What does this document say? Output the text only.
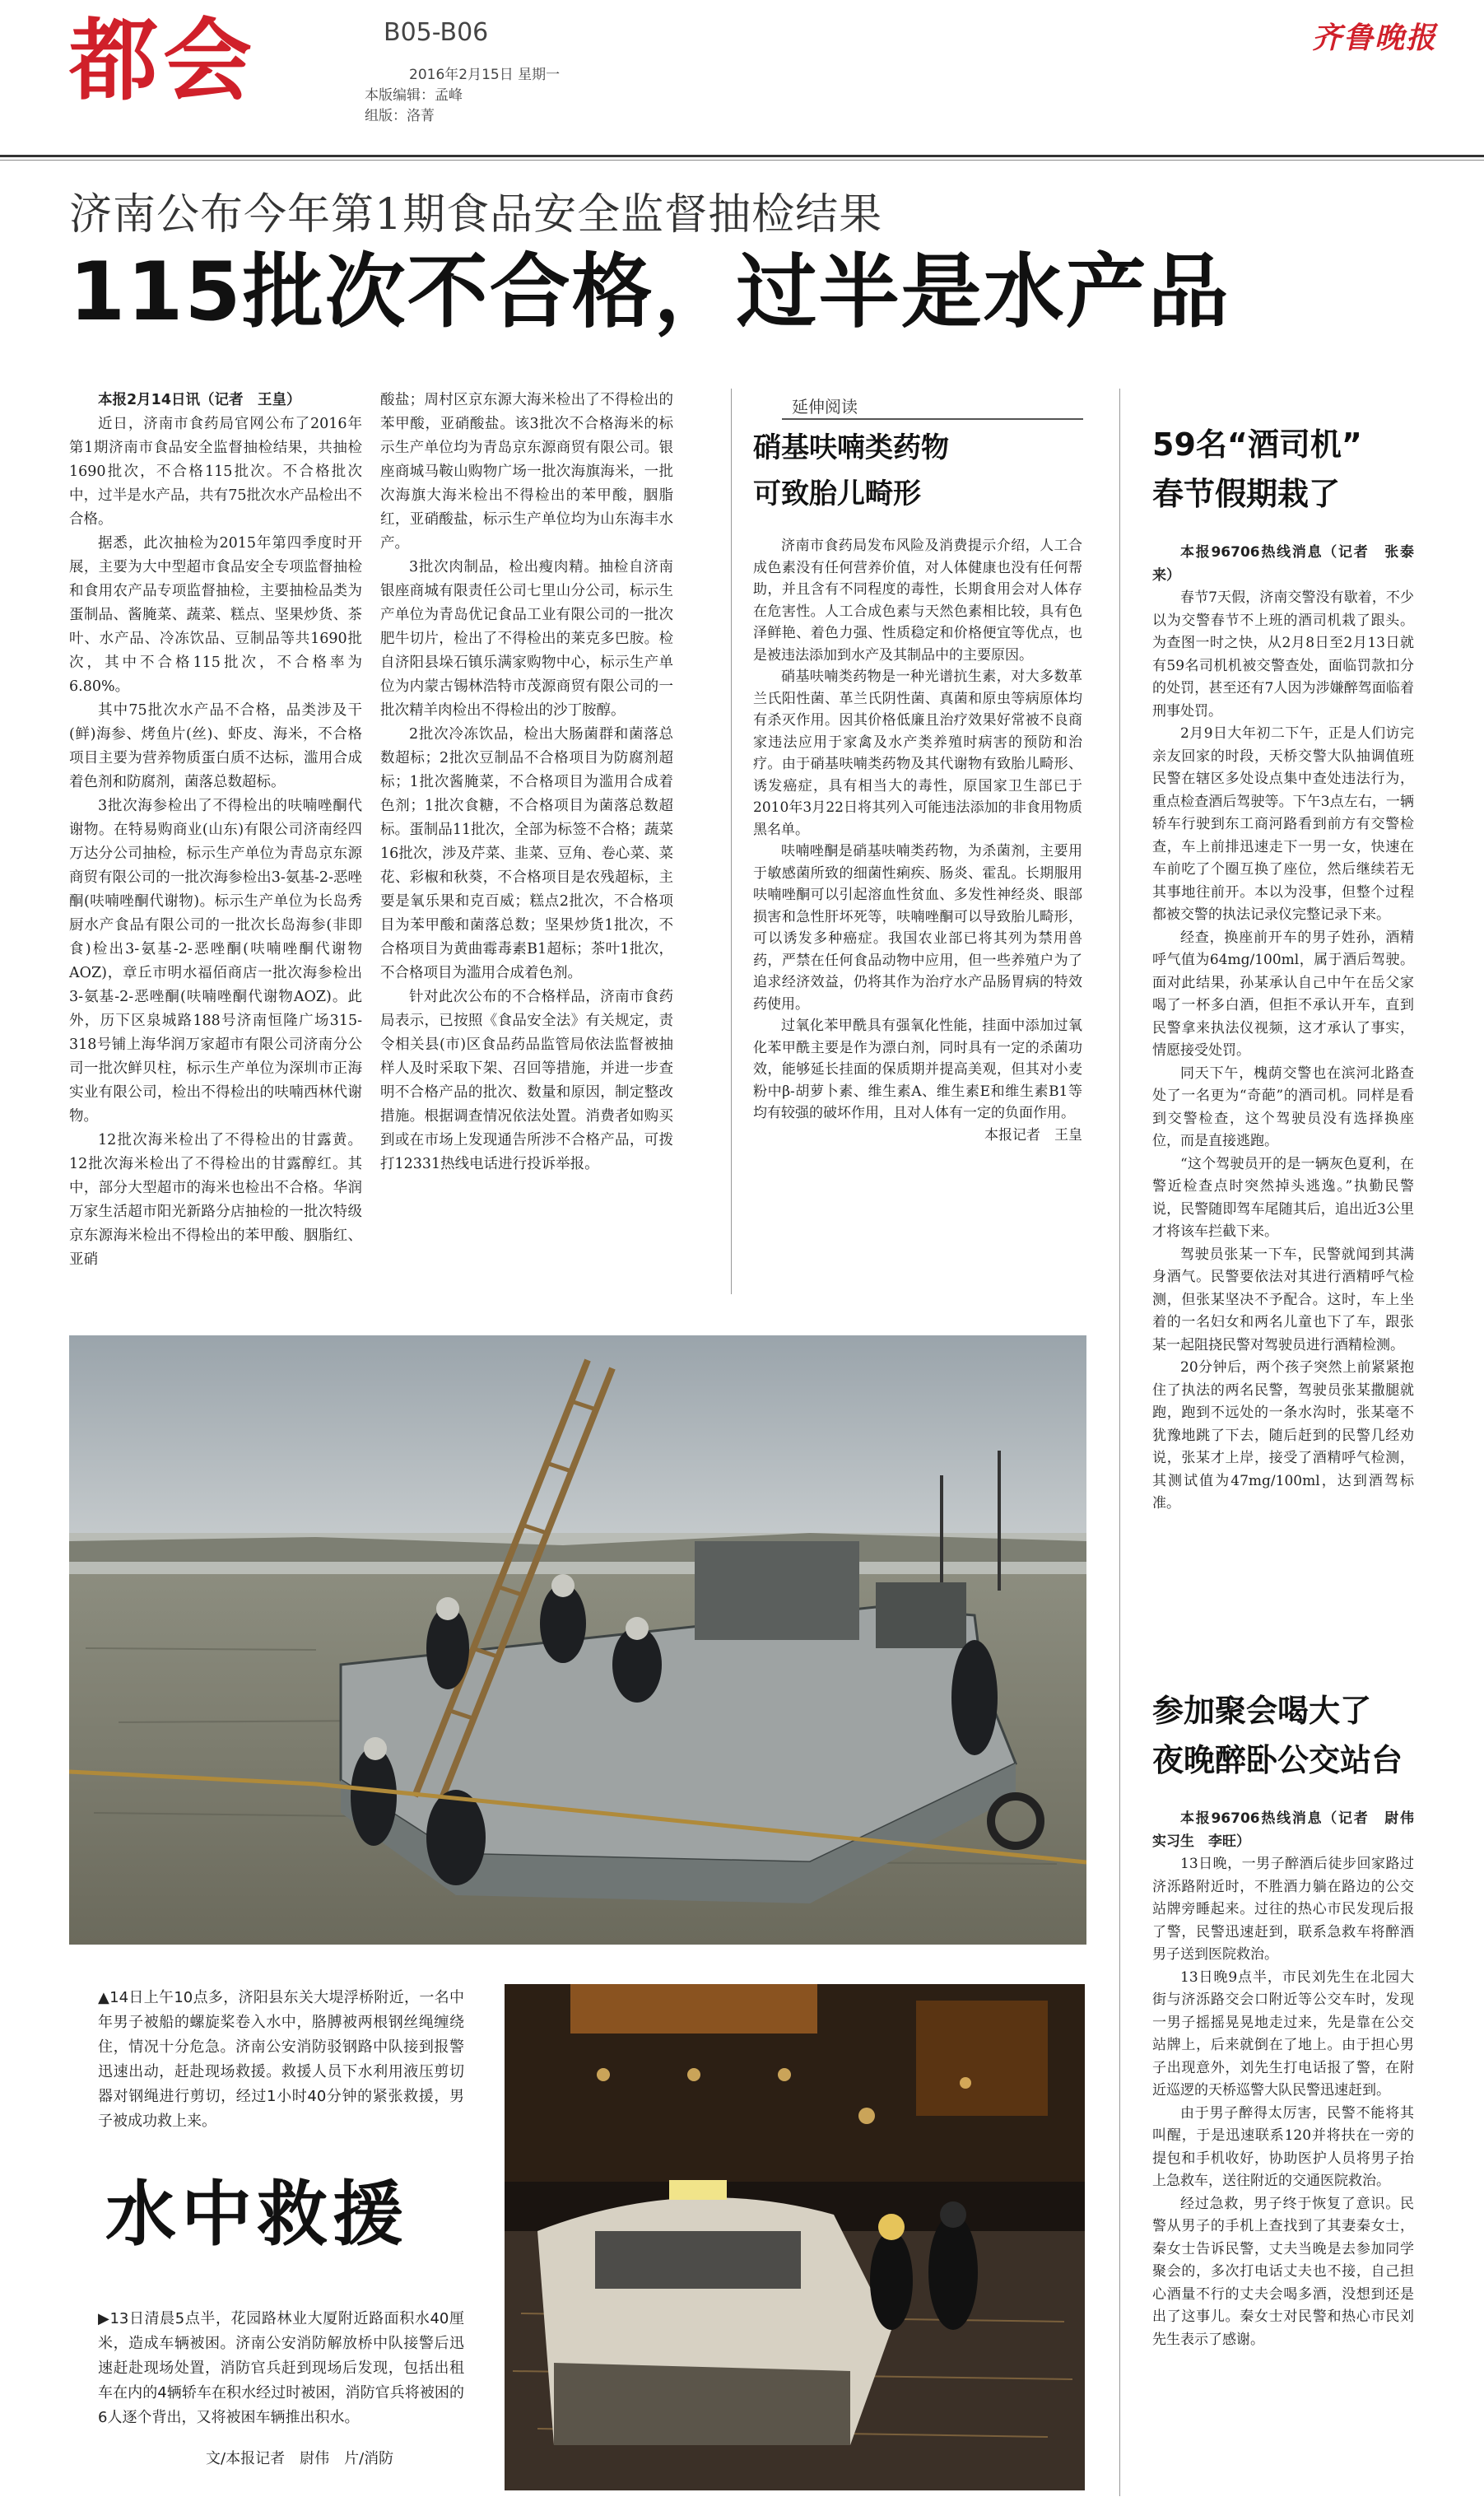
都会	B05-B06
2016年2月15日 星期一
本版编辑：孟峰
组版：洛菁
齐鲁晚报
济南公布今年第1期食品安全监督抽检结果
115批次不合格，过半是水产品

本报2月14日讯（记者　王皇）

近日，济南市食药局官网公布了2016年第1期济南市食品安全监督抽检结果，共抽检1690批次，不合格115批次。不合格批次中，过半是水产品，共有75批次水产品检出不合格。

据悉，此次抽检为2015年第四季度时开展，主要为大中型超市食品安全专项监督抽检和食用农产品专项监督抽检，主要抽检品类为蛋制品、酱腌菜、蔬菜、糕点、坚果炒货、茶叶、水产品、冷冻饮品、豆制品等共1690批次，其中不合格115批次，不合格率为6.80%。

其中75批次水产品不合格，品类涉及干(鲜)海参、烤鱼片(丝)、虾皮、海米，不合格项目主要为营养物质蛋白质不达标，滥用合成着色剂和防腐剂，菌落总数超标。

3批次海参检出了不得检出的呋喃唑酮代谢物。在特易购商业(山东)有限公司济南经四万达分公司抽检，标示生产单位为青岛京东源商贸有限公司的一批次海参检出3-氨基-2-恶唑酮(呋喃唑酮代谢物)。标示生产单位为长岛秀厨水产食品有限公司的一批次长岛海参(非即食)检出3-氨基-2-恶唑酮(呋喃唑酮代谢物AOZ)，章丘市明水福佰商店一批次海参检出3-氨基-2-恶唑酮(呋喃唑酮代谢物AOZ)。此外，历下区泉城路188号济南恒隆广场315-318号铺上海华润万家超市有限公司济南分公司一批次鲜贝柱，标示生产单位为深圳市正海实业有限公司，检出不得检出的呋喃西林代谢物。

12批次海米检出了不得检出的甘露黄。12批次海米检出了不得检出的甘露醇红。其中，部分大型超市的海米也检出不合格。华润万家生活超市阳光新路分店抽检的一批次特级京东源海米检出不得检出的苯甲酸、胭脂红、亚硝

酸盐；周村区京东源大海米检出了不得检出的苯甲酸，亚硝酸盐。该3批次不合格海米的标示生产单位均为青岛京东源商贸有限公司。银座商城马鞍山购物广场一批次海旗海米，一批次海旗大海米检出不得检出的苯甲酸，胭脂红，亚硝酸盐，标示生产单位均为山东海丰水产。

3批次肉制品，检出瘦肉精。抽检自济南银座商城有限责任公司七里山分公司，标示生产单位为青岛优记食品工业有限公司的一批次肥牛切片，检出了不得检出的莱克多巴胺。检自济阳县垛石镇乐满家购物中心，标示生产单位为内蒙古锡林浩特市茂源商贸有限公司的一批次精羊肉检出不得检出的沙丁胺醇。

2批次冷冻饮品，检出大肠菌群和菌落总数超标；2批次豆制品不合格项目为防腐剂超标；1批次酱腌菜，不合格项目为滥用合成着色剂；1批次食糖，不合格项目为菌落总数超标。蛋制品11批次，全部为标签不合格；蔬菜16批次，涉及芹菜、韭菜、豆角、卷心菜、菜花、彩椒和秋葵，不合格项目是农残超标，主要是氧乐果和克百威；糕点2批次，不合格项目为苯甲酸和菌落总数；坚果炒货1批次，不合格项目为黄曲霉毒素B1超标；茶叶1批次，不合格项目为滥用合成着色剂。

针对此次公布的不合格样品，济南市食药局表示，已按照《食品安全法》有关规定，责令相关县(市)区食品药品监管局依法监督被抽样人及时采取下架、召回等措施，并进一步查明不合格产品的批次、数量和原因，制定整改措施。根据调查情况依法处置。消费者如购买到或在市场上发现通告所涉不合格产品，可拨打12331热线电话进行投诉举报。

延伸阅读
硝基呋喃类药物
可致胎儿畸形

济南市食药局发布风险及消费提示介绍，人工合成色素没有任何营养价值，对人体健康也没有任何帮助，并且含有不同程度的毒性，长期食用会对人体存在危害性。人工合成色素与天然色素相比较，具有色泽鲜艳、着色力强、性质稳定和价格便宜等优点，也是被违法添加到水产及其制品中的主要原因。

硝基呋喃类药物是一种光谱抗生素，对大多数革兰氏阳性菌、革兰氏阴性菌、真菌和原虫等病原体均有杀灭作用。因其价格低廉且治疗效果好常被不良商家违法应用于家禽及水产类养殖时病害的预防和治疗。由于硝基呋喃类药物及其代谢物有致胎儿畸形、诱发癌症，具有相当大的毒性，原国家卫生部已于2010年3月22日将其列入可能违法添加的非食用物质黑名单。

呋喃唑酮是硝基呋喃类药物，为杀菌剂，主要用于敏感菌所致的细菌性痢疾、肠炎、霍乱。长期服用呋喃唑酮可以引起溶血性贫血、多发性神经炎、眼部损害和急性肝坏死等，呋喃唑酮可以导致胎儿畸形，可以诱发多种癌症。我国农业部已将其列为禁用兽药，严禁在任何食品动物中应用，但一些养殖户为了追求经济效益，仍将其作为治疗水产品肠胃病的特效药使用。

过氧化苯甲酰具有强氧化性能，挂面中添加过氧化苯甲酰主要是作为漂白剂，同时具有一定的杀菌功效，能够延长挂面的保质期并提高美观，但其对小麦粉中β-胡萝卜素、维生素A、维生素E和维生素B1等均有较强的破坏作用，且对人体有一定的负面作用。

本报记者　王皇

59名“酒司机”
春节假期栽了

本报96706热线消息（记者　张泰来）

春节7天假，济南交警没有歇着，不少以为交警春节不上班的酒司机栽了跟头。为查图一时之快，从2月8日至2月13日就有59名司机机被交警查处，面临罚款扣分的处罚，甚至还有7人因为涉嫌醉驾面临着刑事处罚。

2月9日大年初二下午，正是人们访完亲友回家的时段，天桥交警大队抽调值班民警在辖区多处设点集中查处违法行为，重点检查酒后驾驶等。下午3点左右，一辆轿车行驶到东工商河路看到前方有交警检查，车上前排迅速走下一男一女，快速在车前吃了个圈互换了座位，然后继续若无其事地往前开。本以为没事，但整个过程都被交警的执法记录仪完整记录下来。

经查，换座前开车的男子姓孙，酒精呼气值为64mg/100ml，属于酒后驾驶。面对此结果，孙某承认自己中午在岳父家喝了一杯多白酒，但拒不承认开车，直到民警拿来执法仪视频，这才承认了事实，情愿接受处罚。

同天下午，槐荫交警也在滨河北路查处了一名更为“奇葩”的酒司机。同样是看到交警检查，这个驾驶员没有选择换座位，而是直接逃跑。

“这个驾驶员开的是一辆灰色夏利，在警近检查点时突然掉头逃逸。”执勤民警说，民警随即驾车尾随其后，追出近3公里才将该车拦截下来。

驾驶员张某一下车，民警就闻到其满身酒气。民警要依法对其进行酒精呼气检测，但张某坚决不予配合。这时，车上坐着的一名妇女和两名儿童也下了车，跟张某一起阻挠民警对驾驶员进行酒精检测。

20分钟后，两个孩子突然上前紧紧抱住了执法的两名民警，驾驶员张某撒腿就跑，跑到不远处的一条水沟时，张某毫不犹豫地跳了下去，随后赶到的民警几经劝说，张某才上岸，接受了酒精呼气检测，其测试值为47mg/100ml，达到酒驾标准。

参加聚会喝大了
夜晚醉卧公交站台

本报96706热线消息（记者　尉伟　实习生　李旺）

13日晚，一男子醉酒后徒步回家路过济泺路附近时，不胜酒力躺在路边的公交站牌旁睡起来。过往的热心市民发现后报了警，民警迅速赶到，联系急救车将醉酒男子送到医院救治。

13日晚9点半，市民刘先生在北园大街与济泺路交会口附近等公交车时，发现一男子摇摇晃晃地走过来，先是靠在公交站牌上，后来就倒在了地上。由于担心男子出现意外，刘先生打电话报了警，在附近巡逻的天桥巡警大队民警迅速赶到。

由于男子醉得太厉害，民警不能将其叫醒，于是迅速联系120并将扶在一旁的提包和手机收好，协助医护人员将男子抬上急救车，送往附近的交通医院救治。

经过急救，男子终于恢复了意识。民警从男子的手机上查找到了其妻秦女士，秦女士告诉民警，丈夫当晚是去参加同学聚会的，多次打电话丈夫也不接，自己担心酒量不行的丈夫会喝多酒，没想到还是出了这事儿。秦女士对民警和热心市民刘先生表示了感谢。

▲14日上午10点多，济阳县东关大堤浮桥附近，一名中年男子被船的螺旋桨卷入水中，胳膊被两根钢丝绳缠绕住，情况十分危急。济南公安消防驳钢路中队接到报警迅速出动，赶赴现场救援。救援人员下水利用液压剪切器对钢绳进行剪切，经过1小时40分钟的紧张救援，男子被成功救上来。
水中救援
▶13日清晨5点半，花园路林业大厦附近路面积水40厘米，造成车辆被困。济南公安消防解放桥中队接警后迅速赶赴现场处置，消防官兵赶到现场后发现，包括出租车在内的4辆轿车在积水经过时被困，消防官兵将被困的6人逐个背出，又将被困车辆推出积水。
文/本报记者　尉伟　片/消防
